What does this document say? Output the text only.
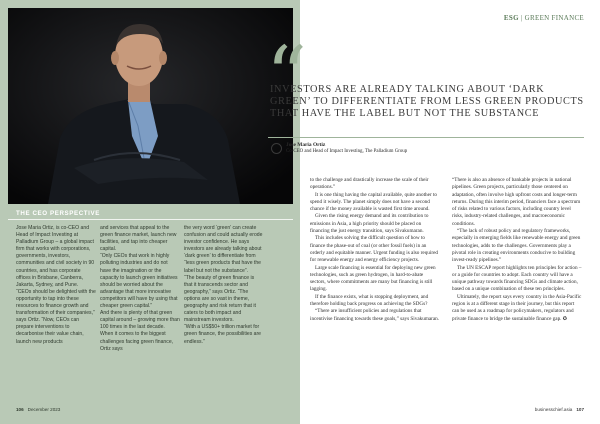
THE CEO PERSPECTIVE

Jose Maria Ortiz, is co-CEO and Head of Impact Investing at Palladium Group – a global impact firm that works with corporations, governments, investors, communities and civil society in 90 countries, and has corporate offices in Brisbane, Canberra, Jakarta, Sydney, and Pune.

“CEOs should be delighted with the opportunity to tap into these resources to finance growth and transformation of their companies,” says Ortiz. “Now, CEOs can prepare interventions to decarbonise their value chain, launch new products

and services that appeal to the green finance market, launch new facilities, and tap into cheaper capital.

“Only CEOs that work in highly polluting industries and do not have the imagination or the capacity to launch green initiatives should be worried about the advantage that more innovative competitors will have by using that cheaper green capital.”

And there is plenty of that green capital around – growing more than 100 times in the last decade.

When it comes to the biggest challenges facing green finance, Ortiz says

the very word ‘green’ can create confusion and could actually erode investor confidence. He says investors are already talking about ‘dark green’ to differentiate from “less green products that have the label but not the substance”.

“The beauty of green finance is that it transcends sector and geography,” says Ortiz. “The options are so vast in theme, geography and risk return that it caters to both impact and mainstream investors.

“With a US$50+ trillion market for green finance, the possibilities are endless.”

106 December 2023
ESG | GREEN FINANCE
“

INVESTORS ARE ALREADY TALKING ABOUT ‘DARK GREEN’ TO DIFFERENTIATE FROM LESS GREEN PRODUCTS THAT HAVE THE LABEL BUT NOT THE SUBSTANCE

Jose Maria Ortiz
Co-CEO and Head of Impact Investing, The Palladium Group

to the challenge and drastically increase the scale of their operations.”

It is one thing having the capital available, quite another to spend it wisely. The planet simply does not have a second chance if the money available is wasted first time around.

Given the rising energy demand and its contribution to emissions in Asia, a high priority should be placed on financing the just energy transition, says Sivakumaran.

This includes solving the difficult question of how to finance the phase-out of coal (or other fossil fuels) in an orderly and equitable manner. Urgent funding is also required for renewable energy and energy efficiency projects.

Large scale financing is essential for deploying new green technologies, such as green hydrogen, in hard-to-abate sectors, where commitments are many but financing is still lagging.

If the finance exists, what is stopping deployment, and therefore holding back progress on achieving the SDGs?

“There are insufficient policies and regulations that incentivise financing towards these goals,” says Sivakumaran.

“There is also an absence of bankable projects in national pipelines. Green projects, particularly those centered on adaptation, often involve high upfront costs and longer-term returns. During this interim period, financiers face a spectrum of risks related to various factors, including country level risks, industry-related challenges, and macroeconomic conditions.

“The lack of robust policy and regulatory frameworks, especially in emerging fields like renewable energy and green technologies, adds to the challenges. Governments play a pivotal role in creating environments conducive to building invest-ready pipelines.”

The UN ESCAP report highlights ten principles for action – or a guide for countries to adopt. Each country will have a unique pathway towards financing SDGs and climate action, based on a unique combination of these ten principles.

Ultimately, the report says every country in the Asia-Pacific region is at a different stage in their journey, but this report can be used as a roadmap for policymakers, regulators and private finance to bridge the sustainable finance gap. ✪

businesschief.asia 107
